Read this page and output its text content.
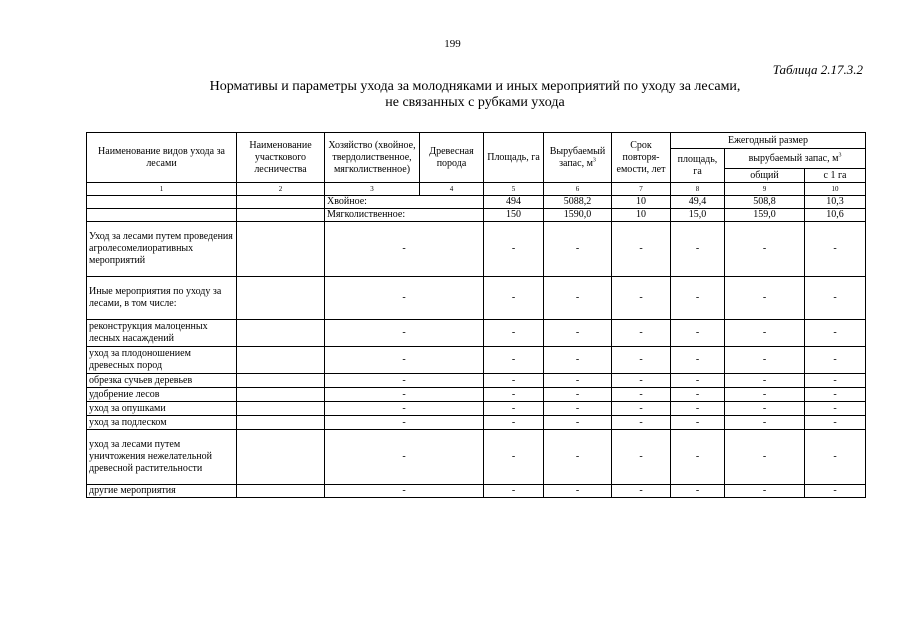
199
Таблица 2.17.3.2
Нормативы и параметры ухода за молодняками и иных мероприятий по уходу за лесами,
не связанных с рубками ухода
Наименование видов ухода за лесами	Наименование участкового лесничества	Хозяйство (хвойное, твердолиственное, мягколиственное)	Древесная порода	Площадь, га	Вырубаемый запас, $м^3$	Срок повторя-емости, лет	Ежегодный размер		
							площадь, га	вырубаемый запас, $м^3$
								общий	с 1 га
1	2	3	4	5	6	7	8	9	10
		Хвойное:		494	5088,2	10	49,4	508,8	10,3
		Мягколиственное:		150	1590,0	10	15,0	159,0	10,6
Уход за лесами путем проведения агролесомелиоративных мероприятий		-		-	-	-	-	-	-
Иные мероприятия по уходу за лесами, в том числе:		-		-	-	-	-	-	-
реконструкция малоценных лесных насаждений		-		-	-	-	-	-	-
уход за плодоношением древесных пород		-		-	-	-	-	-	-
обрезка сучьев деревьев		-		-	-	-	-	-	-
удобрение лесов		-		-	-	-	-	-	-
уход за опушками		-		-	-	-	-	-	-
уход за подлеском		-		-	-	-	-	-	-
уход за лесами путем уничтожения нежелательной древесной растительности		-		-	-	-	-	-	-
другие мероприятия		-		-	-	-	-	-	-
